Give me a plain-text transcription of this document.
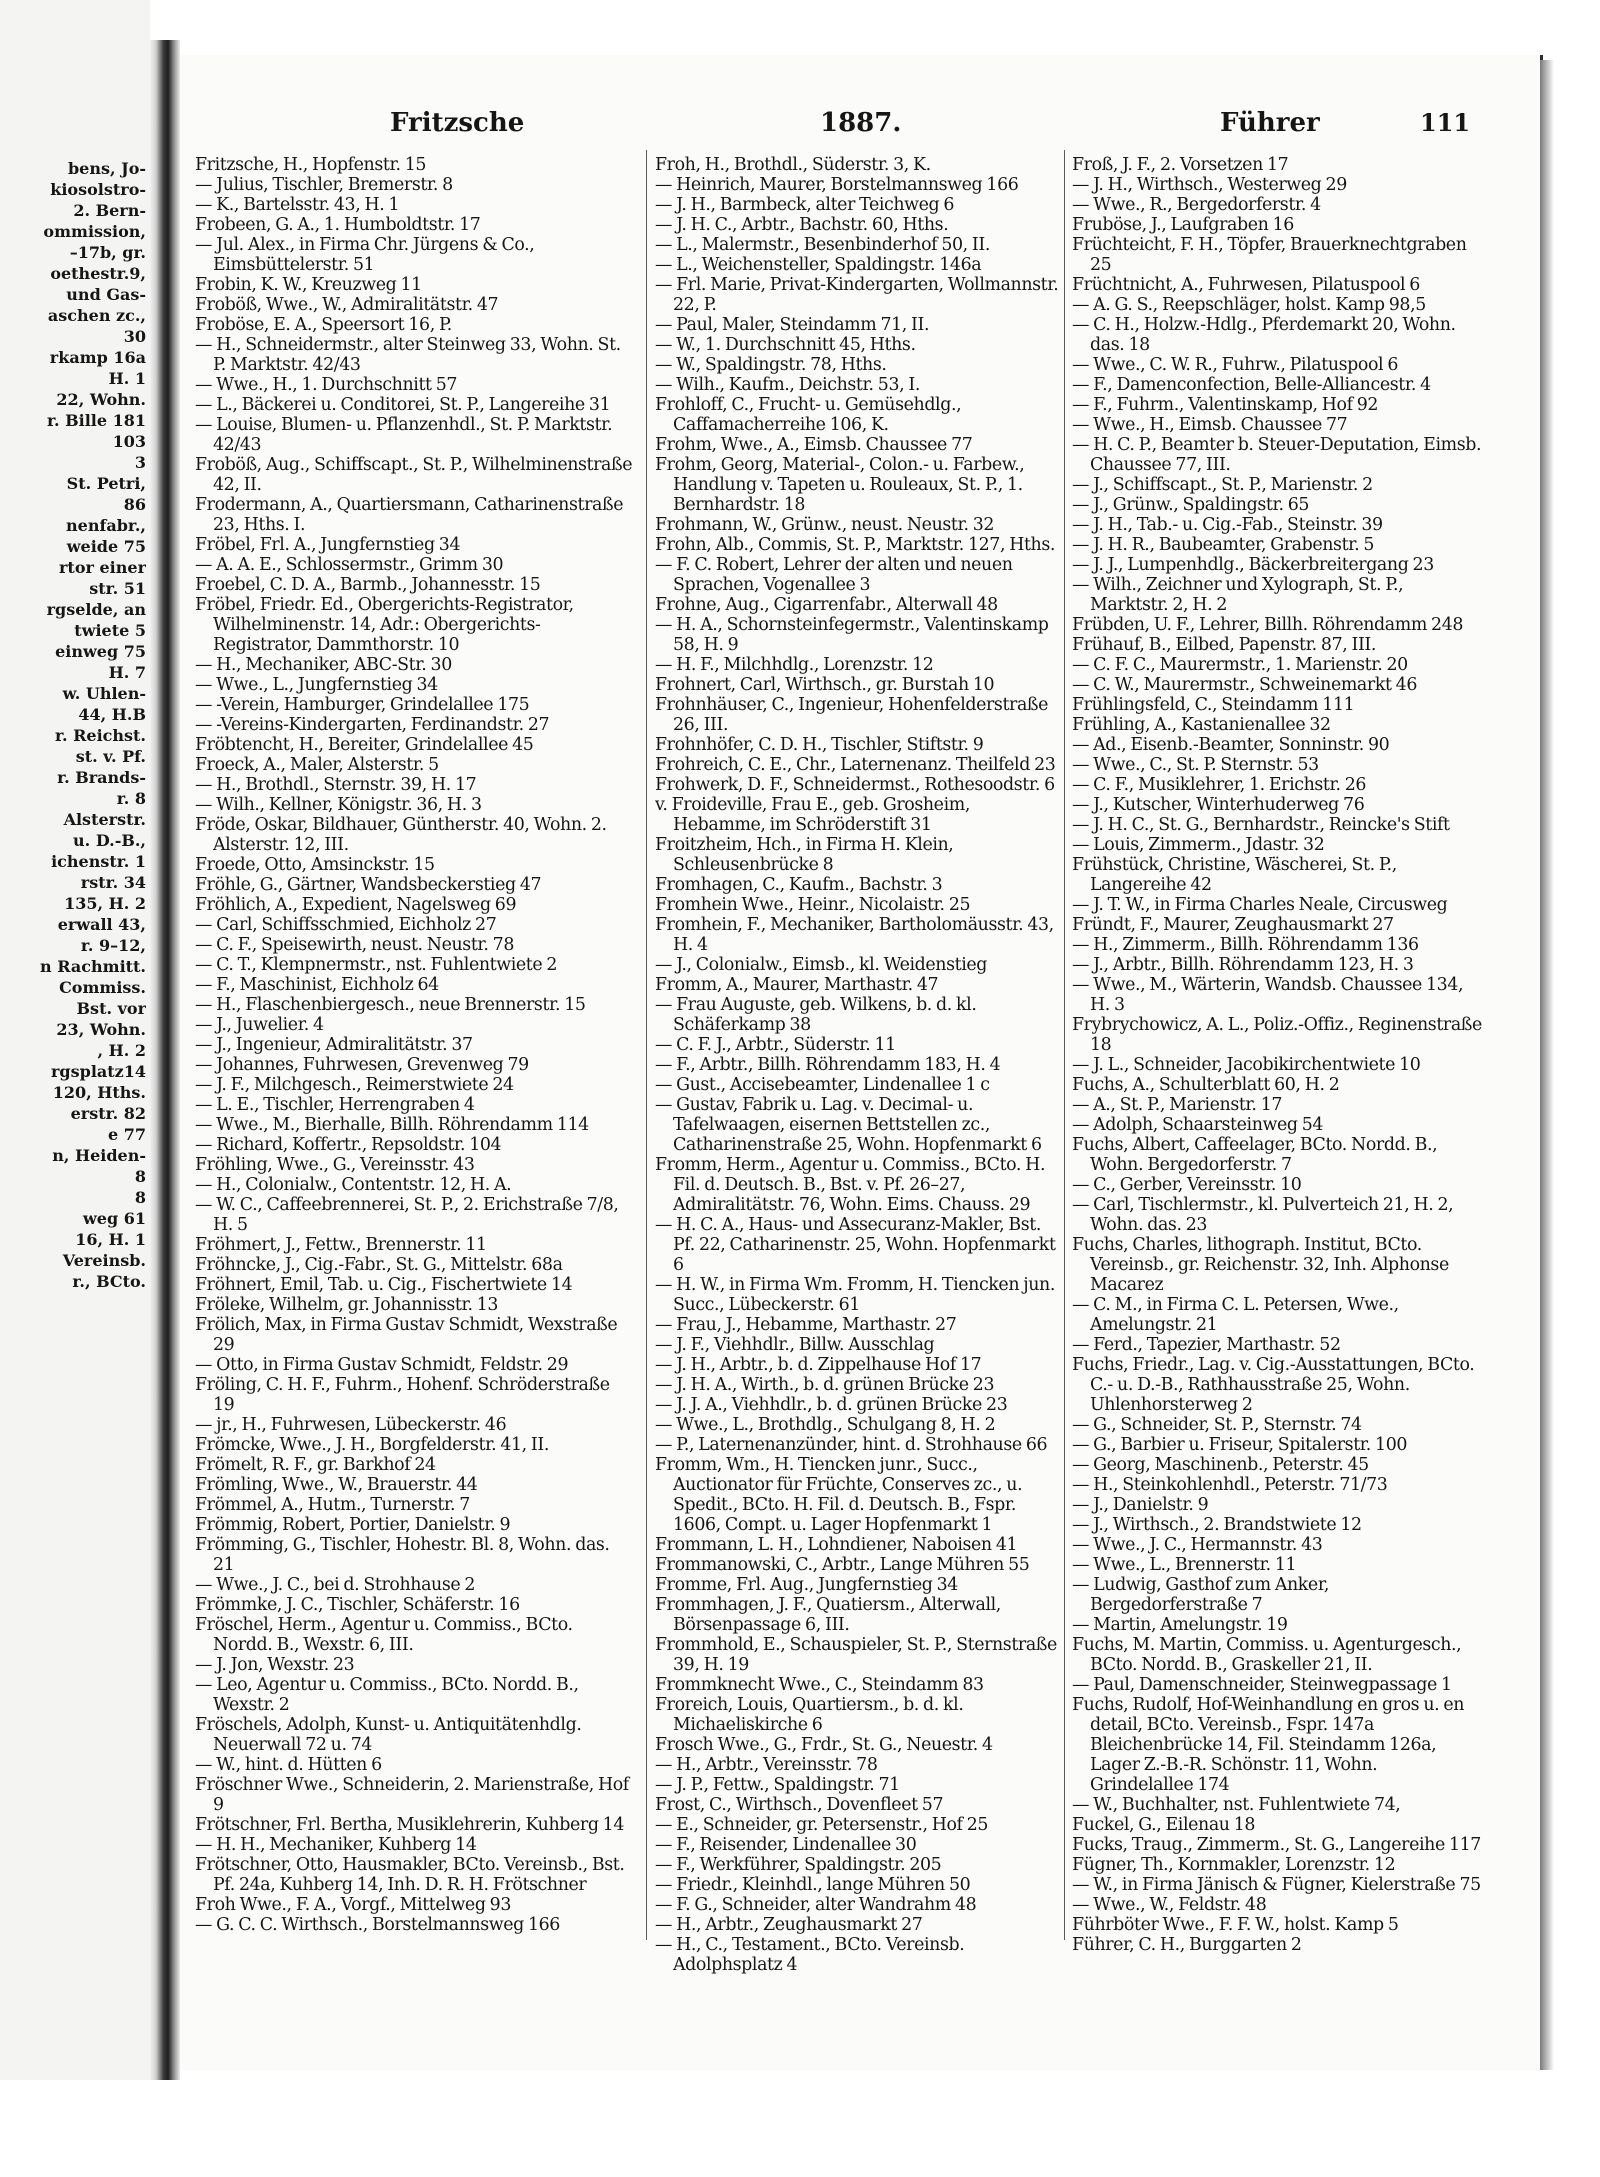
bens, Jo-
kiosolstro-
2. Bern-
ommission,
–17b, gr.
oethestr.9,
und Gas-
aschen zc.,
30
rkamp 16a
H. 1
22, Wohn.
r. Bille 181
103
3
St. Petri,
86
nenfabr.,
weide 75
rtor einer
str. 51
rgselde, an
twiete 5
einweg 75
H. 7
w. Uhlen-
44, H.B
r. Reichst.
st. v. Pf.
r. Brands-
r. 8
Alsterstr.
u. D.-B.,
ichenstr. 1
rstr. 34
135, H. 2
erwall 43,
r. 9–12,
n Rachmitt.
Commiss.
Bst. vor
23, Wohn.
, H. 2
rgsplatz14
120, Hths.
erstr. 82
e 77
n, Heiden-
8
8
weg 61
16, H. 1
Vereinsb.
r., BCto.
Fritzsche	1887.	Führer	111
Fritzsche, H., Hopfenstr. 15
— Julius, Tischler, Bremerstr. 8
— K., Bartelsstr. 43, H. 1
Frobeen, G. A., 1. Humboldtstr. 17
— Jul. Alex., in Firma Chr. Jürgens & Co., Eimsbüttelerstr. 51
Frobin, K. W., Kreuzweg 11
Froböß, Wwe., W., Admiralitätstr. 47
Froböse, E. A., Speersort 16, P.
— H., Schneidermstr., alter Steinweg 33, Wohn. St. P. Marktstr. 42/43
— Wwe., H., 1. Durchschnitt 57
— L., Bäckerei u. Conditorei, St. P., Langereihe 31
— Louise, Blumen- u. Pflanzenhdl., St. P. Marktstr. 42/43
Froböß, Aug., Schiffscapt., St. P., Wilhelminenstraße 42, II.
Frodermann, A., Quartiersmann, Catharinenstraße 23, Hths. I.
Fröbel, Frl. A., Jungfernstieg 34
— A. A. E., Schlossermstr., Grimm 30
Froebel, C. D. A., Barmb., Johannesstr. 15
Fröbel, Friedr. Ed., Obergerichts-Registrator, Wilhelminenstr. 14, Adr.: Obergerichts-Registrator, Dammthorstr. 10
— H., Mechaniker, ABC-Str. 30
— Wwe., L., Jungfernstieg 34
— -Verein, Hamburger, Grindelallee 175
— -Vereins-Kindergarten, Ferdinandstr. 27
Fröbtencht, H., Bereiter, Grindelallee 45
Froeck, A., Maler, Alsterstr. 5
— H., Brothdl., Sternstr. 39, H. 17
— Wilh., Kellner, Königstr. 36, H. 3
Fröde, Oskar, Bildhauer, Güntherstr. 40, Wohn. 2. Alsterstr. 12, III.
Froede, Otto, Amsinckstr. 15
Fröhle, G., Gärtner, Wandsbeckerstieg 47
Fröhlich, A., Expedient, Nagelsweg 69
— Carl, Schiffsschmied, Eichholz 27
— C. F., Speisewirth, neust. Neustr. 78
— C. T., Klempnermstr., nst. Fuhlentwiete 2
— F., Maschinist, Eichholz 64
— H., Flaschenbiergesch., neue Brennerstr. 15
— J., Juwelier. 4
— J., Ingenieur, Admiralitätstr. 37
— Johannes, Fuhrwesen, Grevenweg 79
— J. F., Milchgesch., Reimerstwiete 24
— L. E., Tischler, Herrengraben 4
— Wwe., M., Bierhalle, Billh. Röhrendamm 114
— Richard, Koffertr., Repsoldstr. 104
Fröhling, Wwe., G., Vereinsstr. 43
— H., Colonialw., Contentstr. 12, H. A.
— W. C., Caffeebrennerei, St. P., 2. Erichstraße 7/8, H. 5
Fröhmert, J., Fettw., Brennerstr. 11
Fröhncke, J., Cig.-Fabr., St. G., Mittelstr. 68a
Fröhnert, Emil, Tab. u. Cig., Fischertwiete 14
Fröleke, Wilhelm, gr. Johannisstr. 13
Frölich, Max, in Firma Gustav Schmidt, Wexstraße 29
— Otto, in Firma Gustav Schmidt, Feldstr. 29
Fröling, C. H. F., Fuhrm., Hohenf. Schröderstraße 19
— jr., H., Fuhrwesen, Lübeckerstr. 46
Frömcke, Wwe., J. H., Borgfelderstr. 41, II.
Frömelt, R. F., gr. Barkhof 24
Frömling, Wwe., W., Brauerstr. 44
Frömmel, A., Hutm., Turnerstr. 7
Frömmig, Robert, Portier, Danielstr. 9
Frömming, G., Tischler, Hohestr. Bl. 8, Wohn. das. 21
— Wwe., J. C., bei d. Strohhause 2
Frömmke, J. C., Tischler, Schäferstr. 16
Fröschel, Herm., Agentur u. Commiss., BCto. Nordd. B., Wexstr. 6, III.
— J. Jon, Wexstr. 23
— Leo, Agentur u. Commiss., BCto. Nordd. B., Wexstr. 2
Fröschels, Adolph, Kunst- u. Antiquitätenhdlg. Neuerwall 72 u. 74
— W., hint. d. Hütten 6
Fröschner Wwe., Schneiderin, 2. Marienstraße, Hof 9
Frötschner, Frl. Bertha, Musiklehrerin, Kuhberg 14
— H. H., Mechaniker, Kuhberg 14
Frötschner, Otto, Hausmakler, BCto. Vereinsb., Bst. Pf. 24a, Kuhberg 14, Inh. D. R. H. Frötschner
Froh Wwe., F. A., Vorgf., Mittelweg 93
— G. C. C. Wirthsch., Borstelmannsweg 166
Froh, H., Brothdl., Süderstr. 3, K.
— Heinrich, Maurer, Borstelmannsweg 166
— J. H., Barmbeck, alter Teichweg 6
— J. H. C., Arbtr., Bachstr. 60, Hths.
— L., Malermstr., Besenbinderhof 50, II.
— L., Weichensteller, Spaldingstr. 146a
— Frl. Marie, Privat-Kindergarten, Wollmannstr. 22, P.
— Paul, Maler, Steindamm 71, II.
— W., 1. Durchschnitt 45, Hths.
— W., Spaldingstr. 78, Hths.
— Wilh., Kaufm., Deichstr. 53, I.
Frohloff, C., Frucht- u. Gemüsehdlg., Caffamacherreihe 106, K.
Frohm, Wwe., A., Eimsb. Chaussee 77
Frohm, Georg, Material-, Colon.- u. Farbew., Handlung v. Tapeten u. Rouleaux, St. P., 1. Bernhardstr. 18
Frohmann, W., Grünw., neust. Neustr. 32
Frohn, Alb., Commis, St. P., Marktstr. 127, Hths.
— F. C. Robert, Lehrer der alten und neuen Sprachen, Vogenallee 3
Frohne, Aug., Cigarrenfabr., Alterwall 48
— H. A., Schornsteinfegermstr., Valentinskamp 58, H. 9
— H. F., Milchhdlg., Lorenzstr. 12
Frohnert, Carl, Wirthsch., gr. Burstah 10
Frohnhäuser, C., Ingenieur, Hohenfelderstraße 26, III.
Frohnhöfer, C. D. H., Tischler, Stiftstr. 9
Frohreich, C. E., Chr., Laternenanz. Theilfeld 23
Frohwerk, D. F., Schneidermst., Rothesoodstr. 6
v. Froideville, Frau E., geb. Grosheim, Hebamme, im Schröderstift 31
Froitzheim, Hch., in Firma H. Klein, Schleusenbrücke 8
Fromhagen, C., Kaufm., Bachstr. 3
Fromhein Wwe., Heinr., Nicolaistr. 25
Fromhein, F., Mechaniker, Bartholomäusstr. 43, H. 4
— J., Colonialw., Eimsb., kl. Weidenstieg
Fromm, A., Maurer, Marthastr. 47
— Frau Auguste, geb. Wilkens, b. d. kl. Schäferkamp 38
— C. F. J., Arbtr., Süderstr. 11
— F., Arbtr., Billh. Röhrendamm 183, H. 4
— Gust., Accisebeamter, Lindenallee 1 c
— Gustav, Fabrik u. Lag. v. Decimal- u. Tafelwaagen, eisernen Bettstellen zc., Catharinenstraße 25, Wohn. Hopfenmarkt 6
Fromm, Herm., Agentur u. Commiss., BCto. H. Fil. d. Deutsch. B., Bst. v. Pf. 26–27, Admiralitätstr. 76, Wohn. Eims. Chauss. 29
— H. C. A., Haus- und Assecuranz-Makler, Bst. Pf. 22, Catharinenstr. 25, Wohn. Hopfenmarkt 6
— H. W., in Firma Wm. Fromm, H. Tiencken jun. Succ., Lübeckerstr. 61
— Frau, J., Hebamme, Marthastr. 27
— J. F., Viehhdlr., Billw. Ausschlag
— J. H., Arbtr., b. d. Zippelhause Hof 17
— J. H. A., Wirth., b. d. grünen Brücke 23
— J. J. A., Viehhdlr., b. d. grünen Brücke 23
— Wwe., L., Brothdlg., Schulgang 8, H. 2
— P., Laternenanzünder, hint. d. Strohhause 66
Fromm, Wm., H. Tiencken junr., Succ., Auctionator für Früchte, Conserves zc., u. Spedit., BCto. H. Fil. d. Deutsch. B., Fspr. 1606, Compt. u. Lager Hopfenmarkt 1
Frommann, L. H., Lohndiener, Naboisen 41
Frommanowski, C., Arbtr., Lange Mühren 55
Fromme, Frl. Aug., Jungfernstieg 34
Frommhagen, J. F., Quatiersm., Alterwall, Börsenpassage 6, III.
Frommhold, E., Schauspieler, St. P., Sternstraße 39, H. 19
Frommknecht Wwe., C., Steindamm 83
Froreich, Louis, Quartiersm., b. d. kl. Michaeliskirche 6
Frosch Wwe., G., Frdr., St. G., Neuestr. 4
— H., Arbtr., Vereinsstr. 78
— J. P., Fettw., Spaldingstr. 71
Frost, C., Wirthsch., Dovenfleet 57
— E., Schneider, gr. Petersenstr., Hof 25
— F., Reisender, Lindenallee 30
— F., Werkführer, Spaldingstr. 205
— Friedr., Kleinhdl., lange Mühren 50
— F. G., Schneider, alter Wandrahm 48
— H., Arbtr., Zeughausmarkt 27
— H., C., Testament., BCto. Vereinsb. Adolphsplatz 4
Froß, J. F., 2. Vorsetzen 17
— J. H., Wirthsch., Westerweg 29
— Wwe., R., Bergedorferstr. 4
Fruböse, J., Laufgraben 16
Früchteicht, F. H., Töpfer, Brauerknechtgraben 25
Früchtnicht, A., Fuhrwesen, Pilatuspool 6
— A. G. S., Reepschläger, holst. Kamp 98,5
— C. H., Holzw.-Hdlg., Pferdemarkt 20, Wohn. das. 18
— Wwe., C. W. R., Fuhrw., Pilatuspool 6
— F., Damenconfection, Belle-Alliancestr. 4
— F., Fuhrm., Valentinskamp, Hof 92
— Wwe., H., Eimsb. Chaussee 77
— H. C. P., Beamter b. Steuer-Deputation, Eimsb. Chaussee 77, III.
— J., Schiffscapt., St. P., Marienstr. 2
— J., Grünw., Spaldingstr. 65
— J. H., Tab.- u. Cig.-Fab., Steinstr. 39
— J. H. R., Baubeamter, Grabenstr. 5
— J. J., Lumpenhdlg., Bäckerbreitergang 23
— Wilh., Zeichner und Xylograph, St. P., Marktstr. 2, H. 2
Frübden, U. F., Lehrer, Billh. Röhrendamm 248
Frühauf, B., Eilbed, Papenstr. 87, III.
— C. F. C., Maurermstr., 1. Marienstr. 20
— C. W., Maurermstr., Schweinemarkt 46
Frühlingsfeld, C., Steindamm 111
Frühling, A., Kastanienallee 32
— Ad., Eisenb.-Beamter, Sonninstr. 90
— Wwe., C., St. P. Sternstr. 53
— C. F., Musiklehrer, 1. Erichstr. 26
— J., Kutscher, Winterhuderweg 76
— J. H. C., St. G., Bernhardstr., Reincke's Stift
— Louis, Zimmerm., Jdastr. 32
Frühstück, Christine, Wäscherei, St. P., Langereihe 42
— J. T. W., in Firma Charles Neale, Circusweg
Fründt, F., Maurer, Zeughausmarkt 27
— H., Zimmerm., Billh. Röhrendamm 136
— J., Arbtr., Billh. Röhrendamm 123, H. 3
— Wwe., M., Wärterin, Wandsb. Chaussee 134, H. 3
Frybrychowicz, A. L., Poliz.-Offiz., Reginenstraße 18
— J. L., Schneider, Jacobikirchentwiete 10
Fuchs, A., Schulterblatt 60, H. 2
— A., St. P., Marienstr. 17
— Adolph, Schaarsteinweg 54
Fuchs, Albert, Caffeelager, BCto. Nordd. B., Wohn. Bergedorferstr. 7
— C., Gerber, Vereinsstr. 10
— Carl, Tischlermstr., kl. Pulverteich 21, H. 2, Wohn. das. 23
Fuchs, Charles, lithograph. Institut, BCto. Vereinsb., gr. Reichenstr. 32, Inh. Alphonse Macarez
— C. M., in Firma C. L. Petersen, Wwe., Amelungstr. 21
— Ferd., Tapezier, Marthastr. 52
Fuchs, Friedr., Lag. v. Cig.-Ausstattungen, BCto. C.- u. D.-B., Rathhausstraße 25, Wohn. Uhlenhorsterweg 2
— G., Schneider, St. P., Sternstr. 74
— G., Barbier u. Friseur, Spitalerstr. 100
— Georg, Maschinenb., Peterstr. 45
— H., Steinkohlenhdl., Peterstr. 71/73
— J., Danielstr. 9
— J., Wirthsch., 2. Brandstwiete 12
— Wwe., J. C., Hermannstr. 43
— Wwe., L., Brennerstr. 11
— Ludwig, Gasthof zum Anker, Bergedorferstraße 7
— Martin, Amelungstr. 19
Fuchs, M. Martin, Commiss. u. Agenturgesch., BCto. Nordd. B., Graskeller 21, II.
— Paul, Damenschneider, Steinwegpassage 1
Fuchs, Rudolf, Hof-Weinhandlung en gros u. en detail, BCto. Vereinsb., Fspr. 147a Bleichenbrücke 14, Fil. Steindamm 126a, Lager Z.-B.-R. Schönstr. 11, Wohn. Grindelallee 174
— W., Buchhalter, nst. Fuhlentwiete 74,
Fuckel, G., Eilenau 18
Fucks, Traug., Zimmerm., St. G., Langereihe 117
Fügner, Th., Kornmakler, Lorenzstr. 12
— W., in Firma Jänisch & Fügner, Kielerstraße 75
— Wwe., W., Feldstr. 48
Führböter Wwe., F. F. W., holst. Kamp 5
Führer, C. H., Burggarten 2
